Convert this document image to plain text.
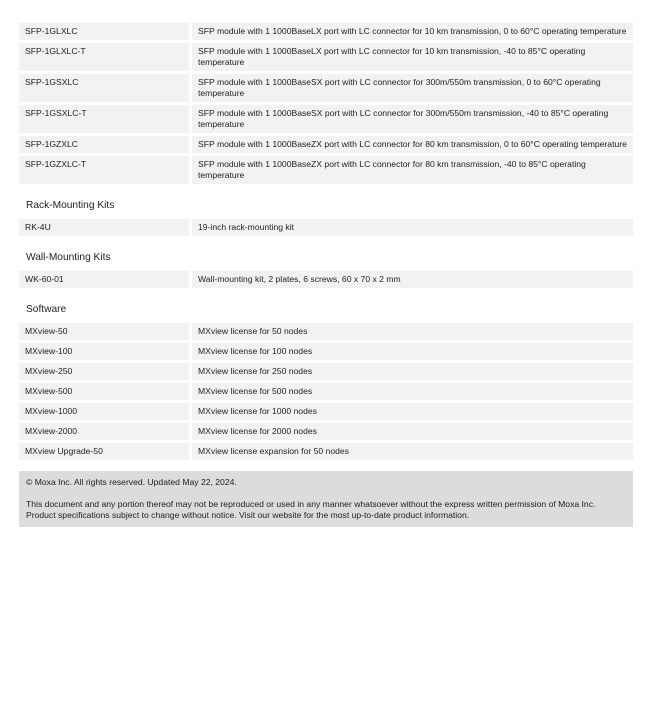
SFP-1GLXLC	SFP module with 1 1000BaseLX port with LC connector for 10 km transmission, 0 to 60°C operating temperature
SFP-1GLXLC-T	SFP module with 1 1000BaseLX port with LC connector for 10 km transmission, -40 to 85°C operating temperature
SFP-1GSXLC	SFP module with 1 1000BaseSX port with LC connector for 300m/550m transmission, 0 to 60°C operating temperature
SFP-1GSXLC-T	SFP module with 1 1000BaseSX port with LC connector for 300m/550m transmission, -40 to 85°C operating temperature
SFP-1GZXLC	SFP module with 1 1000BaseZX port with LC connector for 80 km transmission, 0 to 60°C operating temperature
SFP-1GZXLC-T	SFP module with 1 1000BaseZX port with LC connector for 80 km transmission, -40 to 85°C operating temperature
Rack-Mounting Kits
RK-4U	19-inch rack-mounting kit
Wall-Mounting Kits
WK-60-01	Wall-mounting kit, 2 plates, 6 screws, 60 x 70 x 2 mm
Software
MXview-50	MXview license for 50 nodes
MXview-100	MXview license for 100 nodes
MXview-250	MXview license for 250 nodes
MXview-500	MXview license for 500 nodes
MXview-1000	MXview license for 1000 nodes
MXview-2000	MXview license for 2000 nodes
MXview Upgrade-50	MXview license expansion for 50 nodes

© Moxa Inc. All rights reserved. Updated May 22, 2024.

This document and any portion thereof may not be reproduced or used in any manner whatsoever without the express written permission of Moxa Inc. Product specifications subject to change without notice. Visit our website for the most up-to-date product information.
